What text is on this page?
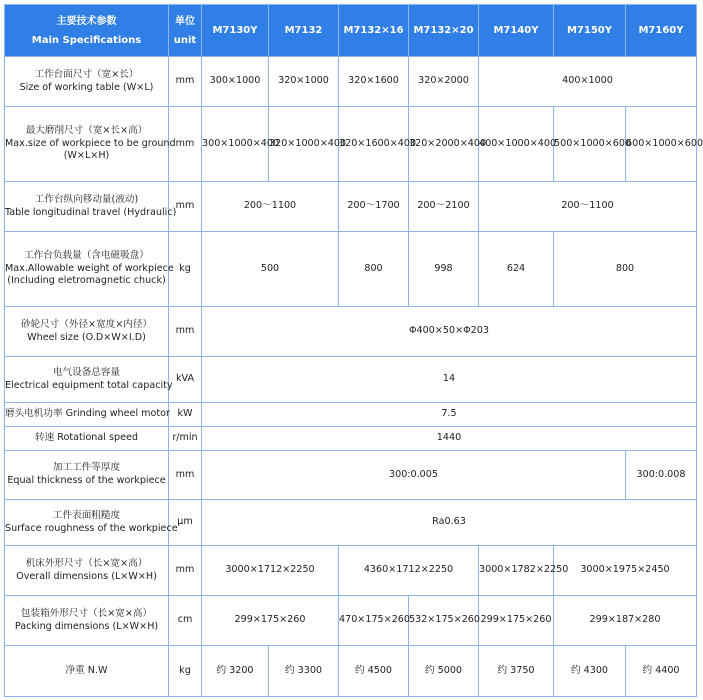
主要技术参数
Main Specifications	单位
unit	M7130Y	M7132	M7132×16	M7132×20	M7140Y	M7150Y	M7160Y

工作台面尺寸（宽×长）
Size of working table (W×L)	mm	300×1000	320×1000	320×1600	320×2000	400×1000		

最大磨削尺寸（宽×长×高）
Max.size of workpiece to be ground
(W×L×H)	mm	300×1000×400	320×1000×400	320×1600×400	320×2000×400	400×1000×400	500×1000×600	600×1000×600

工作台纵向移动量(液动)
Table longitudinal travel (Hydraulic)	mm	200～1100		200～1700	200～2100	200～1100		

工作台负载量（含电磁吸盘）
Max.Allowable weight of workpiece
(Including eletromagnetic chuck)	kg	500		800	998	624	800	

砂轮尺寸（外径×宽度×内径）
Wheel size (O.D×W×I.D)	mm	Φ400×50×Φ203						

电气设备总容量
Electrical equipment total capacity	kVA	14						
磨头电机功率 Grinding wheel motor	kW	7.5						
转速 Rotational speed	r/min	1440						

加工工件等厚度
Equal thickness of the workpiece	mm	300:0.005						300:0.008

工件表面粗糙度
Surface roughness of the workpiece	μm	Ra0.63						

机床外形尺寸（长×宽×高）
Overall dimensions (L×W×H)	mm	3000×1712×2250		4360×1712×2250		3000×1782×2250	3000×1975×2450	

包装箱外形尺寸（长×宽×高）
Packing dimensions (L×W×H)	cm	299×175×260		470×175×260	532×175×260	299×175×260	299×187×280	
净重 N.W	kg	约 3200	约 3300	约 4500	约 5000	约 3750	约 4300	约 4400
